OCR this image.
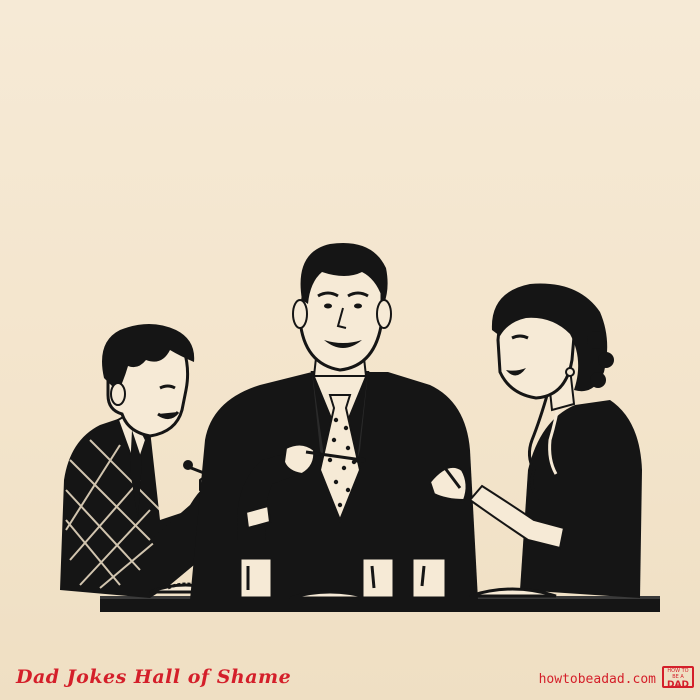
Dad Jokes Hall of Shame	howtobeadad.com
HOW TO BE A
DAD
